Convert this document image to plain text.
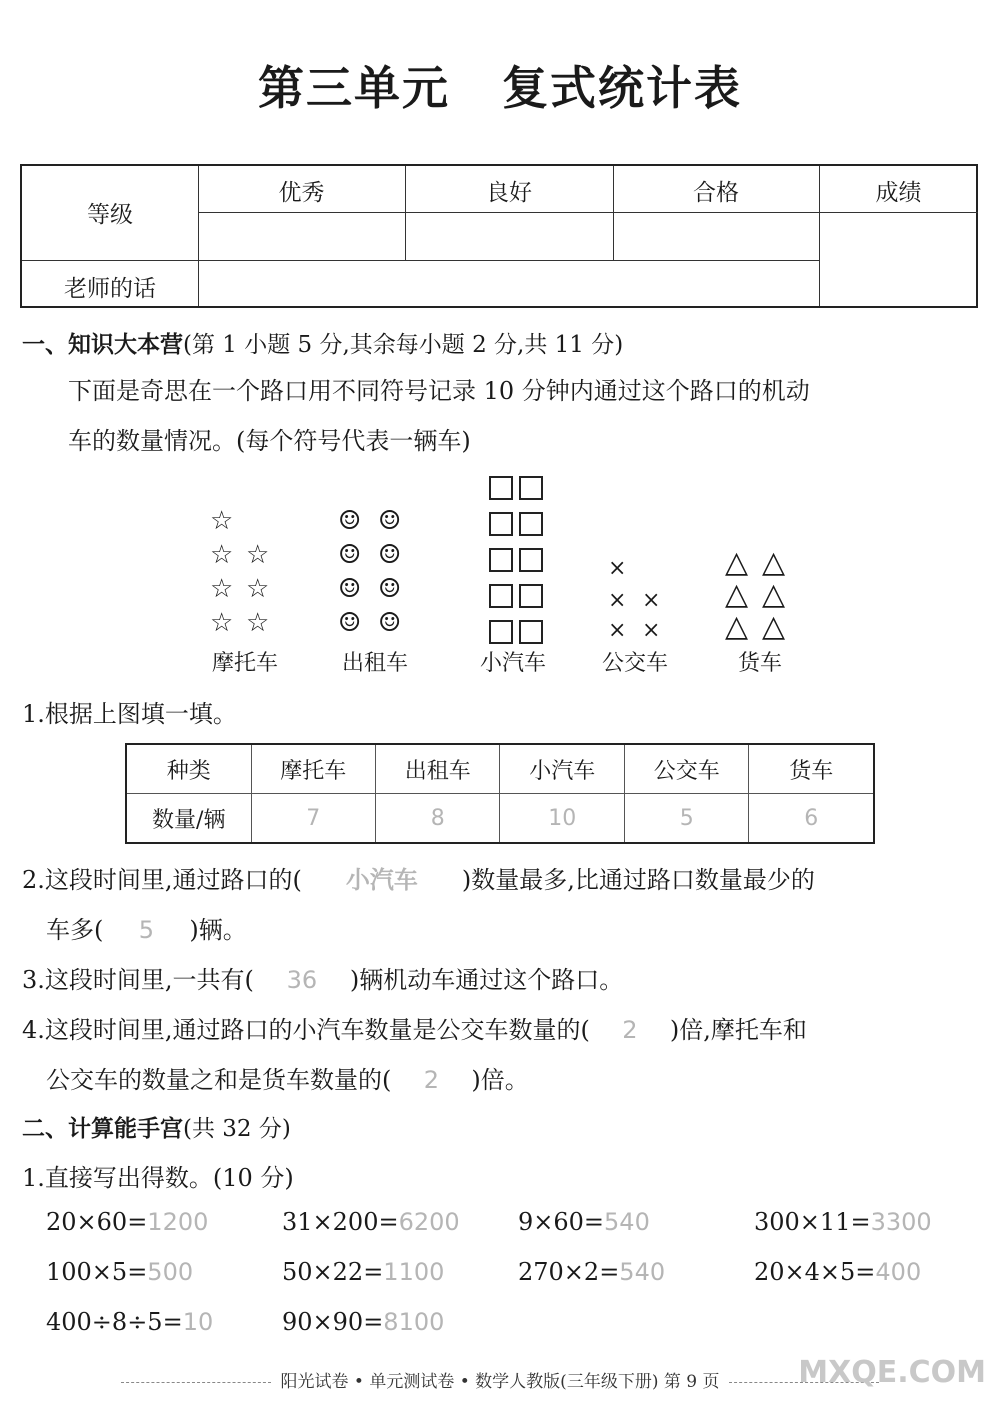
第三单元 复式统计表
等级
优秀	良好	合格	成绩
老师的话
一、知识大本营(第 1 小题 5 分,其余每小题 2 分,共 11 分)
下面是奇思在一个路口用不同符号记录 10 分钟内通过这个路口的机动
车的数量情况。(每个符号代表一辆车)
☆
☆ ☆
☆ ☆
☆ ☆
☺ ☺
☺ ☺
☺ ☺
☺ ☺
×
× ×
× ×
△ △
△ △
△ △
摩托车	出租车	小汽车	公交车	货车
1.根据上图填一填。
种类	摩托车	出租车	小汽车	公交车	货车
数量/辆	7	8	10	5	6
2.这段时间里,通过路口的( 小汽车 )数量最多,比通过路口数量最少的
车多( 5 )辆。
3.这段时间里,一共有( 36 )辆机动车通过这个路口。
4.这段时间里,通过路口的小汽车数量是公交车数量的( 2 )倍,摩托车和
公交车的数量之和是货车数量的( 2 )倍。
二、计算能手宫(共 32 分)
1.直接写出得数。(10 分)
20×60=1200	31×200=6200 9×60=540	300×11=3300
100×5=500	50×22=1100	270×2=540	20×4×5=400
400÷8÷5=10	90×90=8100
阳光试卷 • 单元测试卷 • 数学人教版(三年级下册) 第 9 页	MXQE.COM
